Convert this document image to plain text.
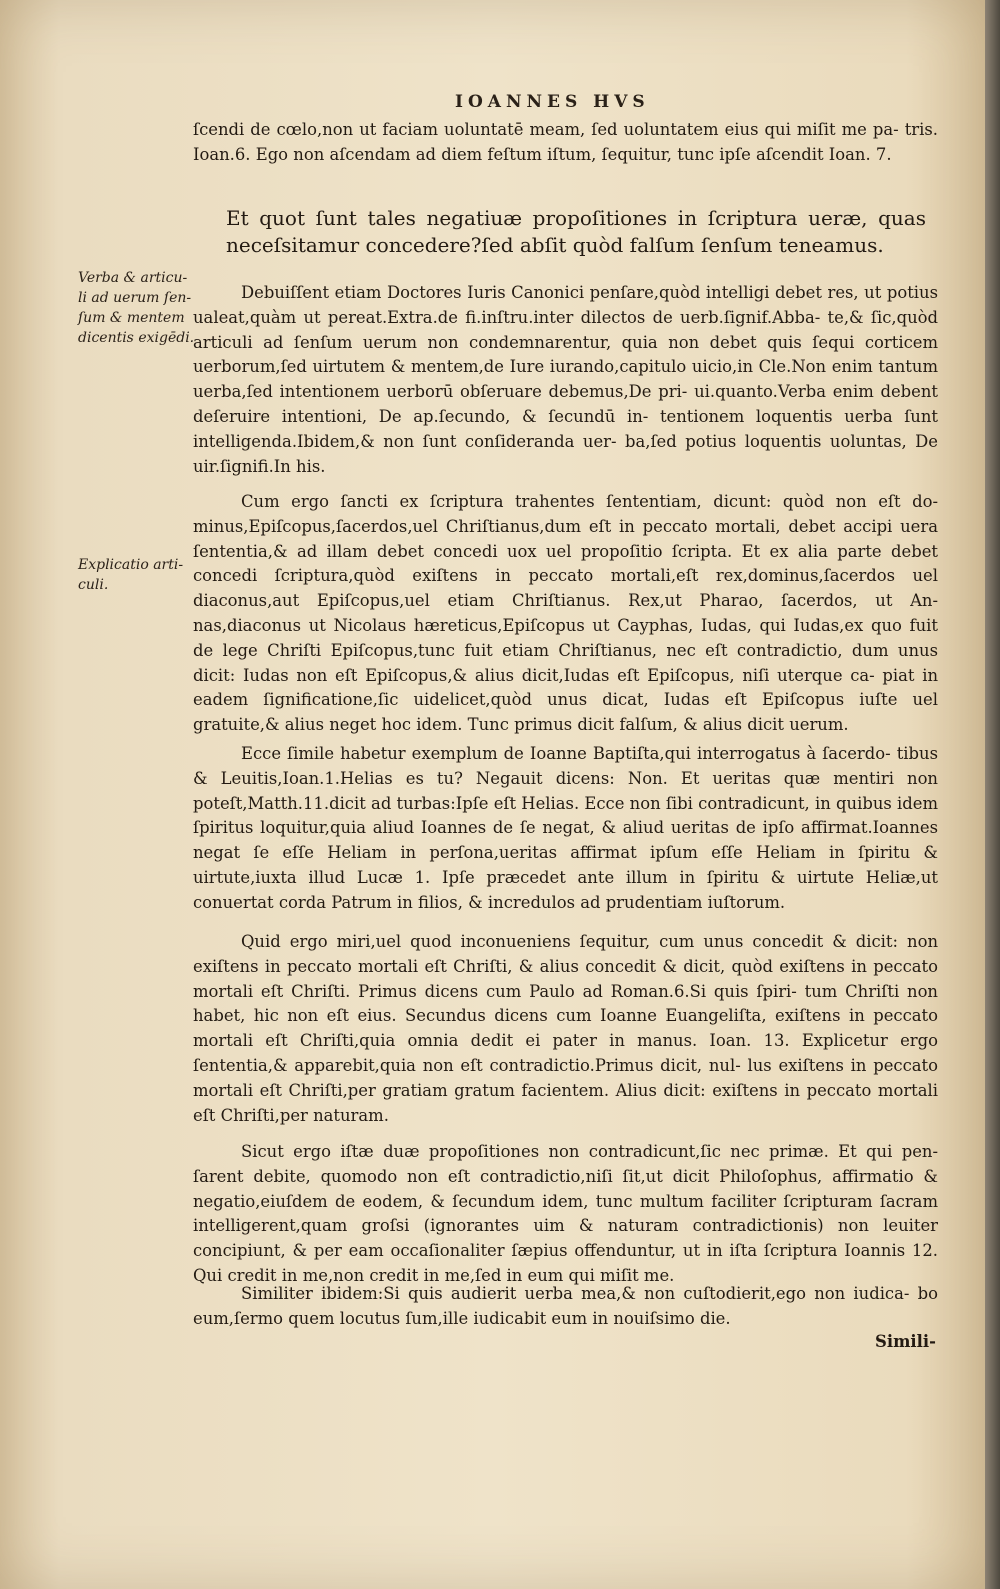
IOANNES HVS

ſcendi de cœlo,non ut faciam uoluntatē meam, ſed uoluntatem eius qui miſit me pa- tris. Ioan.6. Ego non aſcendam ad diem feſtum iſtum, ſequitur, tunc ipſe aſcendit Ioan. 7.

Et quot ſunt tales negatiuæ propoſitiones in ſcriptura ueræ, quas neceſsitamur concedere?ſed abſit quòd falſum ſenſum teneamus.

Verba & articu- li ad uerum ſen- ſum & mentem dicentis exigēdi.

Debuiſſent etiam Doctores Iuris Canonici penſare,quòd intelligi debet res, ut potius ualeat,quàm ut pereat.Extra.de fi.inſtru.inter dilectos de uerb.ſignif.Abba- te,& ſic,quòd articuli ad ſenſum uerum non condemnarentur, quia non debet quis ſequi corticem uerborum,ſed uirtutem & mentem,de Iure iurando,capitulo uicio,in Cle.Non enim tantum uerba,ſed intentionem uerborū obſeruare debemus,De pri- ui.quanto.Verba enim debent deſeruire intentioni, De ap.ſecundo, & ſecundū in- tentionem loquentis uerba ſunt intelligenda.Ibidem,& non ſunt conſideranda uer- ba,ſed potius loquentis uoluntas, De uir.ſignifi.In his.

Explicatio arti- culi.

Cum ergo ſancti ex ſcriptura trahentes ſententiam, dicunt: quòd non eſt do- minus,Epiſcopus,ſacerdos,uel Chriſtianus,dum eſt in peccato mortali, debet accipi uera ſententia,& ad illam debet concedi uox uel propoſitio ſcripta. Et ex alia parte debet concedi ſcriptura,quòd exiſtens in peccato mortali,eſt rex,dominus,ſacerdos uel diaconus,aut Epiſcopus,uel etiam Chriſtianus. Rex,ut Pharao, ſacerdos, ut An- nas,diaconus ut Nicolaus hæreticus,Epiſcopus ut Cayphas, Iudas, qui Iudas,ex quo fuit de lege Chriſti Epiſcopus,tunc fuit etiam Chriſtianus, nec eſt contradictio, dum unus dicit: Iudas non eſt Epiſcopus,& alius dicit,Iudas eſt Epiſcopus, niſi uterque ca- piat in eadem ſignificatione,ſic uidelicet,quòd unus dicat, Iudas eſt Epiſcopus iuſte uel gratuite,& alius neget hoc idem. Tunc primus dicit falſum, & alius dicit uerum.

Ecce ſimile habetur exemplum de Ioanne Baptiſta,qui interrogatus à ſacerdo- tibus & Leuitis,Ioan.1.Helias es tu? Negauit dicens: Non. Et ueritas quæ mentiri non poteſt,Matth.11.dicit ad turbas:Ipſe eſt Helias. Ecce non ſibi contradicunt, in quibus idem ſpiritus loquitur,quia aliud Ioannes de ſe negat, & aliud ueritas de ipſo affirmat.Ioannes negat ſe eſſe Heliam in perſona,ueritas affirmat ipſum eſſe Heliam in ſpiritu & uirtute,iuxta illud Lucæ 1. Ipſe præcedet ante illum in ſpiritu & uirtute Heliæ,ut conuertat corda Patrum in filios, & incredulos ad prudentiam iuſtorum.

Quid ergo miri,uel quod inconueniens ſequitur, cum unus concedit & dicit: non exiſtens in peccato mortali eſt Chriſti, & alius concedit & dicit, quòd exiſtens in peccato mortali eſt Chriſti. Primus dicens cum Paulo ad Roman.6.Si quis ſpiri- tum Chriſti non habet, hic non eſt eius. Secundus dicens cum Ioanne Euangeliſta, exiſtens in peccato mortali eſt Chriſti,quia omnia dedit ei pater in manus. Ioan. 13. Explicetur ergo ſententia,& apparebit,quia non eſt contradictio.Primus dicit, nul- lus exiſtens in peccato mortali eſt Chriſti,per gratiam gratum facientem. Alius dicit: exiſtens in peccato mortali eſt Chriſti,per naturam.

Sicut ergo iſtæ duæ propoſitiones non contradicunt,ſic nec primæ. Et qui pen- ſarent debite, quomodo non eſt contradictio,niſi ſit,ut dicit Philoſophus, affirmatio & negatio,eiuſdem de eodem, & ſecundum idem, tunc multum faciliter ſcripturam ſacram intelligerent,quam groſsi (ignorantes uim & naturam contradictionis) non leuiter concipiunt, & per eam occaſionaliter ſæpius offenduntur, ut in iſta ſcriptura Ioannis 12. Qui credit in me,non credit in me,ſed in eum qui miſit me.

Similiter ibidem:Si quis audierit uerba mea,& non cuſtodierit,ego non iudica- bo eum,ſermo quem locutus ſum,ille iudicabit eum in nouiſsimo die.

Simili-
